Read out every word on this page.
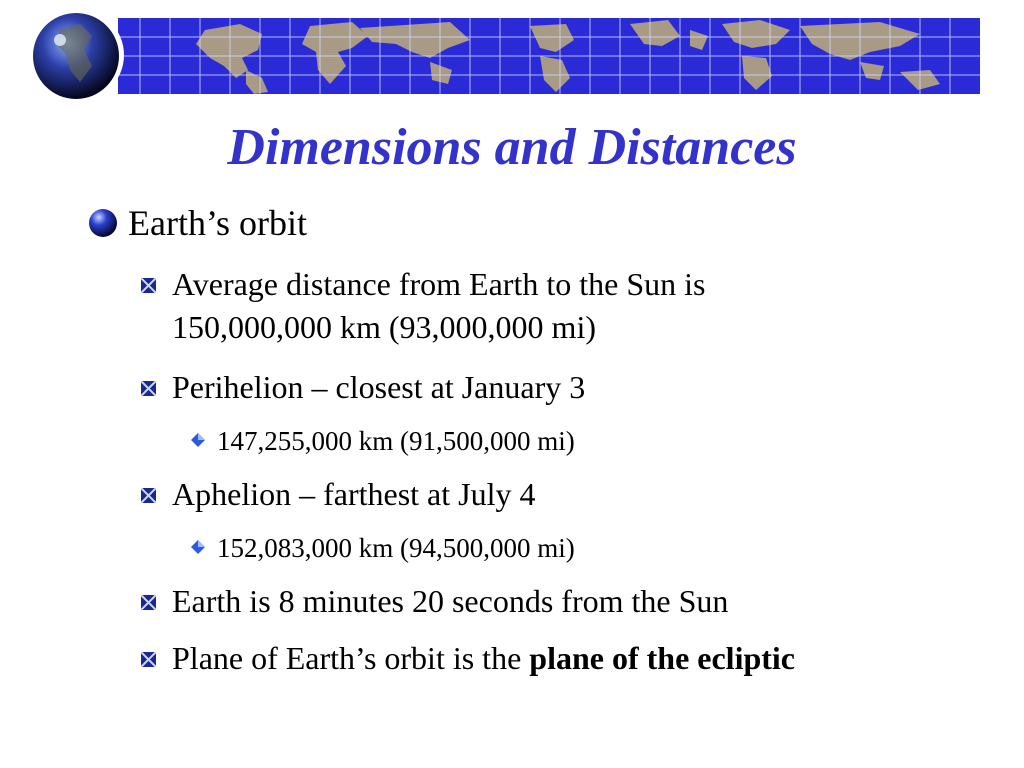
Dimensions and Distances
Earth’s orbit
Average distance from Earth to the Sun is 150,000,000 km (93,000,000 mi)
Perihelion – closest at January 3
147,255,000 km (91,500,000 mi)
Aphelion – farthest at July 4
152,083,000 km (94,500,000 mi)
Earth is 8 minutes 20 seconds from the Sun
Plane of Earth’s orbit is the plane of the ecliptic
